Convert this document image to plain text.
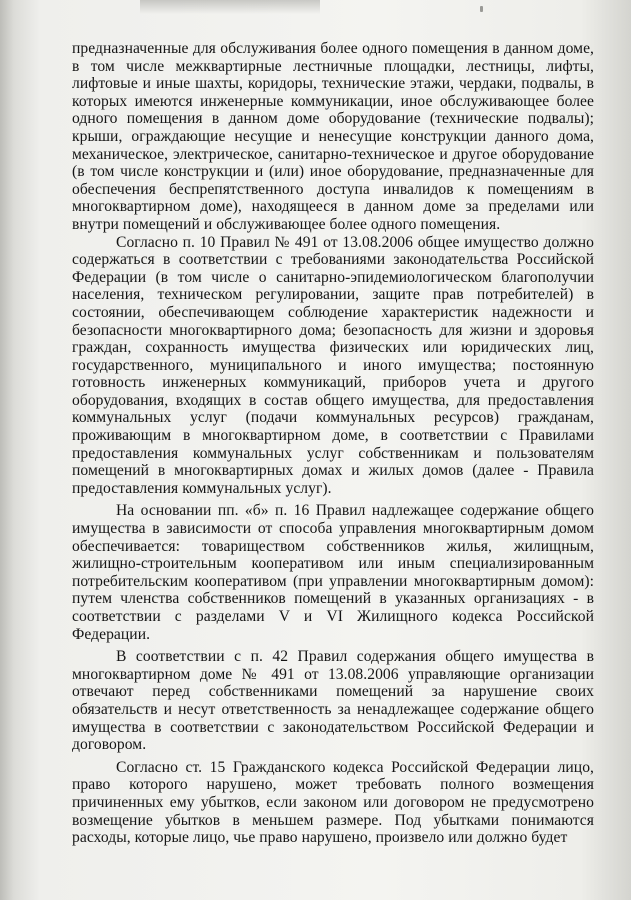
предназначенные для обслуживания более одного помещения в данном доме, в том числе межквартирные лестничные площадки, лестницы, лифты, лифтовые и иные шахты, коридоры, технические этажи, чердаки, подвалы, в которых имеются инженерные коммуникации, иное обслуживающее более одного помещения в данном доме оборудование (технические подвалы); крыши, ограждающие несущие и ненесущие конструкции данного дома, механическое, электрическое, санитарно-техническое и другое оборудование (в том числе конструкции и (или) иное оборудование, предназначенные для обеспечения беспрепятственного доступа инвалидов к помещениям в многоквартирном доме), находящееся в данном доме за пределами или внутри помещений и обслуживающее более одного помещения.

Согласно п. 10 Правил № 491 от 13.08.2006 общее имущество должно содержаться в соответствии с требованиями законодательства Российской Федерации (в том числе о санитарно-эпидемиологическом благополучии населения, техническом регулировании, защите прав потребителей) в состоянии, обеспечивающем соблюдение характеристик надежности и безопасности многоквартирного дома; безопасность для жизни и здоровья граждан, сохранность имущества физических или юридических лиц, государственного, муниципального и иного имущества; постоянную готовность инженерных коммуникаций, приборов учета и другого оборудования, входящих в состав общего имущества, для предоставления коммунальных услуг (подачи коммунальных ресурсов) гражданам, проживающим в многоквартирном доме, в соответствии с Правилами предоставления коммунальных услуг собственникам и пользователям помещений в многоквартирных домах и жилых домов (далее - Правила предоставления коммунальных услуг).

На основании пп. «б» п. 16 Правил надлежащее содержание общего имущества в зависимости от способа управления многоквартирным домом обеспечивается: товариществом собственников жилья, жилищным, жилищно-строительным кооперативом или иным специализированным потребительским кооперативом (при управлении многоквартирным домом): путем членства собственников помещений в указанных организациях - в соответствии с разделами V и VI Жилищного кодекса Российской Федерации.

В соответствии с п. 42 Правил содержания общего имущества в многоквартирном доме № 491 от 13.08.2006 управляющие организации отвечают перед собственниками помещений за нарушение своих обязательств и несут ответственность за ненадлежащее содержание общего имущества в соответствии с законодательством Российской Федерации и договором.

Согласно ст. 15 Гражданского кодекса Российской Федерации лицо, право которого нарушено, может требовать полного возмещения причиненных ему убытков, если законом или договором не предусмотрено возмещение убытков в меньшем размере. Под убытками понимаются расходы, которые лицо, чье право нарушено, произвело или должно будет
